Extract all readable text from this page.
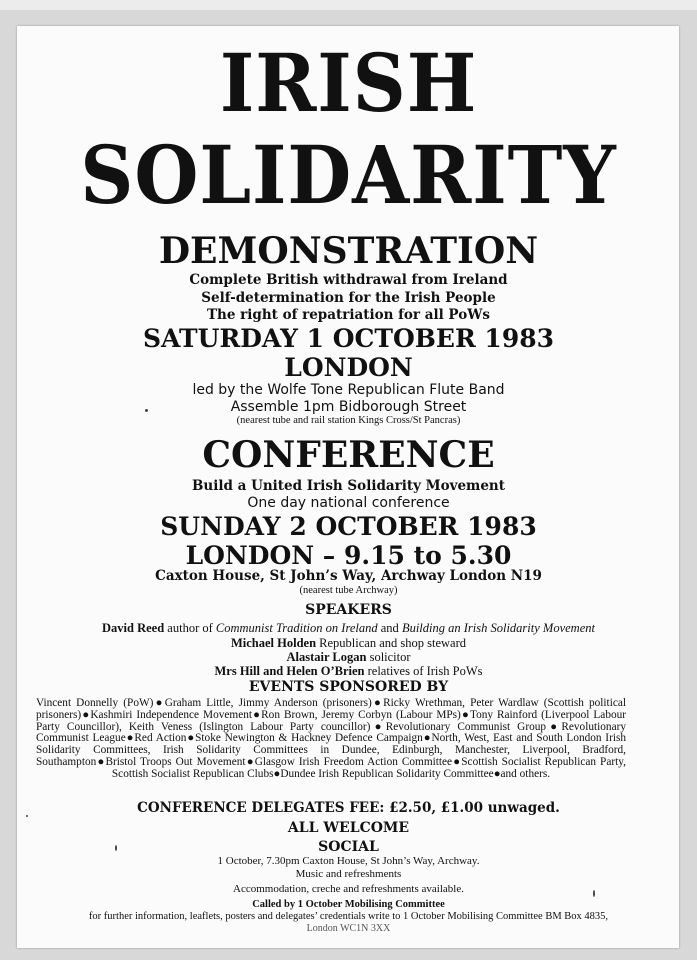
IRISH
SOLIDARITY
DEMONSTRATION
Complete British withdrawal from Ireland
Self-determination for the Irish People
The right of repatriation for all PoWs
SATURDAY 1 OCTOBER 1983
LONDON
led by the Wolfe Tone Republican Flute Band
Assemble 1pm Bidborough Street
(nearest tube and rail station Kings Cross/St Pancras)
CONFERENCE
Build a United Irish Solidarity Movement
One day national conference
SUNDAY 2 OCTOBER 1983
LONDON – 9.15 to 5.30
Caxton House, St John’s Way, Archway London N19
(nearest tube Archway)
SPEAKERS
David Reed author of Communist Tradition on Ireland and Building an Irish Solidarity Movement
Michael Holden Republican and shop steward
Alastair Logan solicitor
Mrs Hill and Helen O’Brien relatives of Irish PoWs
EVENTS SPONSORED BY
Vincent Donnelly (PoW)●Graham Little, Jimmy Anderson (prisoners)●Ricky Wrethman, Peter Wardlaw (Scottish political prisoners)●Kashmiri Independence Movement●Ron Brown, Jeremy Corbyn (Labour MPs)●Tony Rainford (Liverpool Labour Party Councillor), Keith Veness (Islington Labour Party councillor)●Revolutionary Communist Group●Revolutionary Communist League●Red Action●Stoke Newington & Hackney Defence Campaign●North, West, East and South London Irish Solidarity Committees, Irish Solidarity Committees in Dundee, Edinburgh, Manchester, Liverpool, Bradford, Southampton●Bristol Troops Out Movement●Glasgow Irish Freedom Action Committee●Scottish Socialist Republican Party, Scottish Socialist Republican Clubs●Dundee Irish Republican Solidarity Committee●and others.
CONFERENCE DELEGATES FEE: £2.50, £1.00 unwaged.
ALL WELCOME
SOCIAL
1 October, 7.30pm Caxton House, St John’s Way, Archway.
Music and refreshments
Accommodation, creche and refreshments available.
Called by 1 October Mobilising Committee
for further information, leaflets, posters and delegates’ credentials write to 1 October Mobilising Committee BM Box 4835,
London WC1N 3XX
